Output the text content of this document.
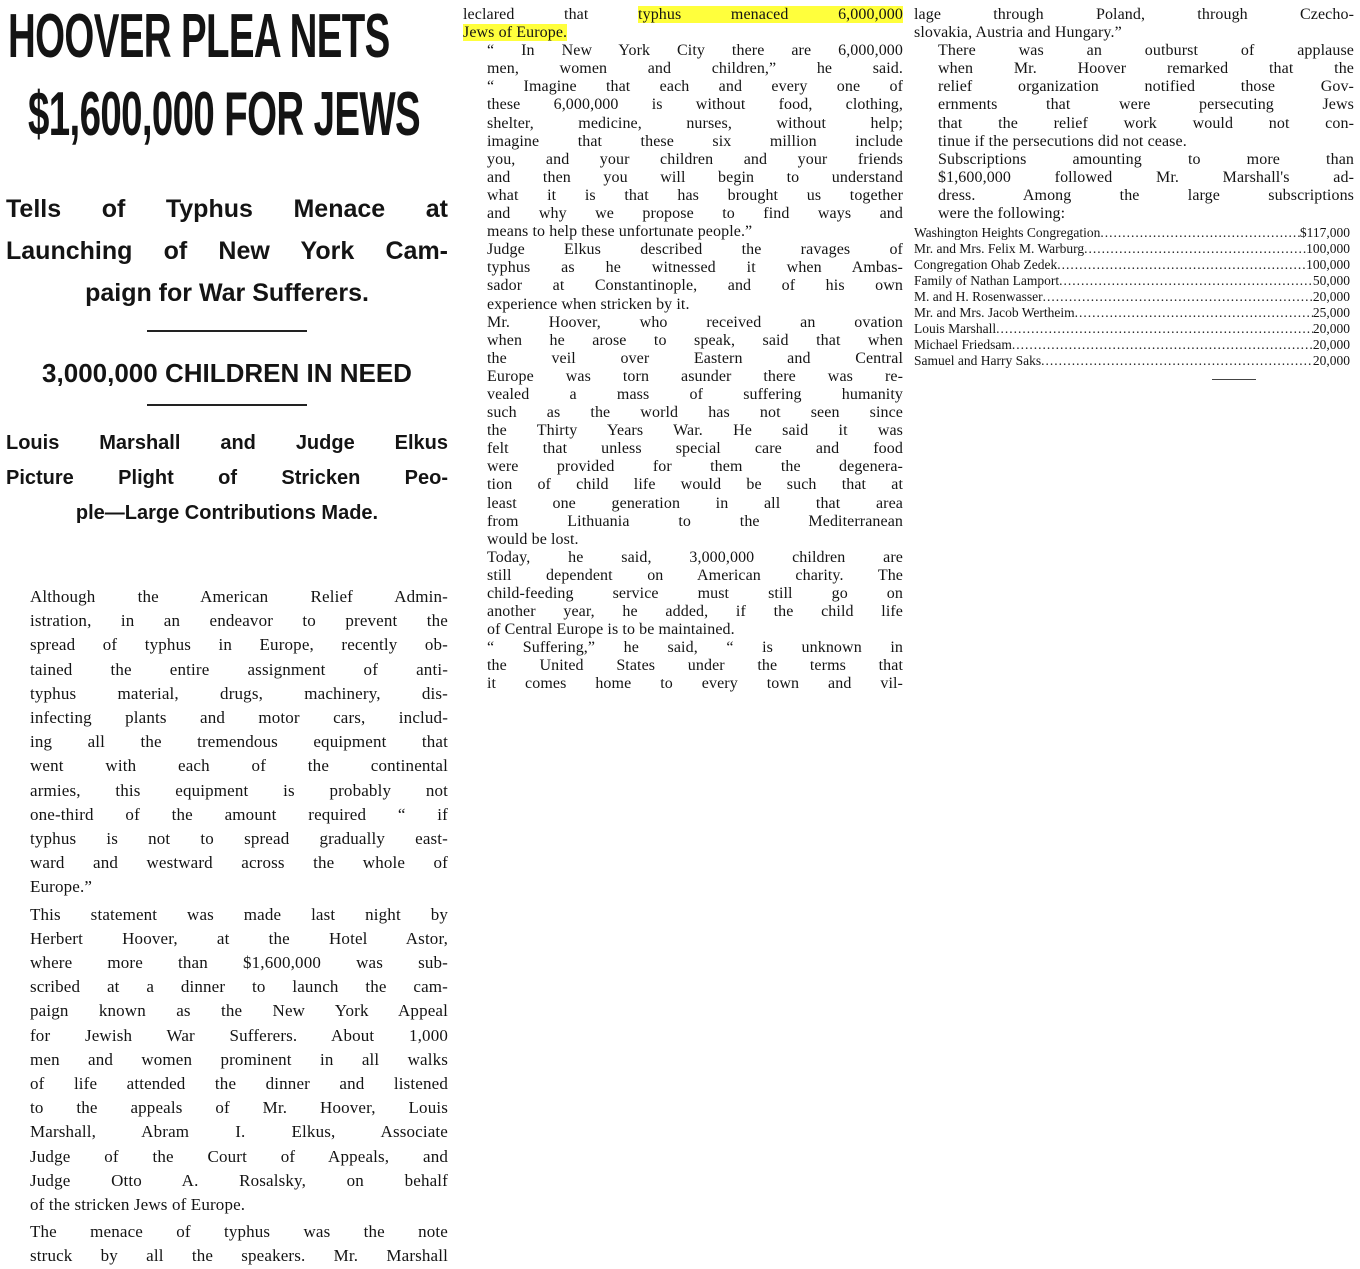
HOOVER PLEA NETS
$1,600,000 FOR JEWS
Tells of Typhus Menace at
Launching of New York Cam-
paign for War Sufferers.
3,000,000 CHILDREN IN NEED
Louis Marshall and Judge Elkus
Picture Plight of Stricken Peo-
ple—Large Contributions Made.

Although the American Relief Admin-
istration, in an endeavor to prevent the
spread of typhus in Europe, recently ob-
tained the entire assignment of anti-
typhus material, drugs, machinery, dis-
infecting plants and motor cars, includ-
ing all the tremendous equipment that
went with each of the continental
armies, this equipment is probably not
one-third of the amount required “ if
typhus is not to spread gradually east-
ward and westward across the whole of
Europe.”

This statement was made last night by
Herbert Hoover, at the Hotel Astor,
where more than $1,600,000 was sub-
scribed at a dinner to launch the cam-
paign known as the New York Appeal
for Jewish War Sufferers. About 1,000
men and women prominent in all walks
of life attended the dinner and listened
to the appeals of Mr. Hoover, Louis
Marshall, Abram I. Elkus, Associate
Judge of the Court of Appeals, and
Judge Otto A. Rosalsky, on behalf
of the stricken Jews of Europe.

The menace of typhus was the note
struck by all the speakers. Mr. Marshall

leclared that typhus menaced 6,000,000
Jews of Europe.

“ In New York City there are 6,000,000
men, women and children,” he said.
“ Imagine that each and every one of
these 6,000,000 is without food, clothing,
shelter, medicine, nurses, without help;
imagine that these six million include
you, and your children and your friends
and then you will begin to understand
what it is that has brought us together
and why we propose to find ways and
means to help these unfortunate people.”

Judge Elkus described the ravages of
typhus as he witnessed it when Ambas-
sador at Constantinople, and of his own
experience when stricken by it.

Mr. Hoover, who received an ovation
when he arose to speak, said that when
the veil over Eastern and Central
Europe was torn asunder there was re-
vealed a mass of suffering humanity
such as the world has not seen since
the Thirty Years War. He said it was
felt that unless special care and food
were provided for them the degenera-
tion of child life would be such that at
least one generation in all that area
from Lithuania to the Mediterranean
would be lost.

Today, he said, 3,000,000 children are
still dependent on American charity. The
child-feeding service must still go on
another year, he added, if the child life
of Central Europe is to be maintained.

“ Suffering,” he said, “ is unknown in
the United States under the terms that
it comes home to every town and vil-

lage through Poland, through Czecho-
slovakia, Austria and Hungary.”

There was an outburst of applause
when Mr. Hoover remarked that the
relief organization notified those Gov-
ernments that were persecuting Jews
that the relief work would not con-
tinue if the persecutions did not cease.

Subscriptions amounting to more than
$1,600,000 followed Mr. Marshall's ad-
dress. Among the large subscriptions
were the following:

Washington Heights Congregation .....	$117,000
Mr. and Mrs. Felix M. Warburg .....	100,000
Congregation Ohab Zedek .....	100,000
Family of Nathan Lamport .....	50,000
M. and H. Rosenwasser .....	20,000
Mr. and Mrs. Jacob Wertheim .....	25,000
Louis Marshall .....	20,000
Michael Friedsam .....	20,000
Samuel and Harry Saks .....	20,000
